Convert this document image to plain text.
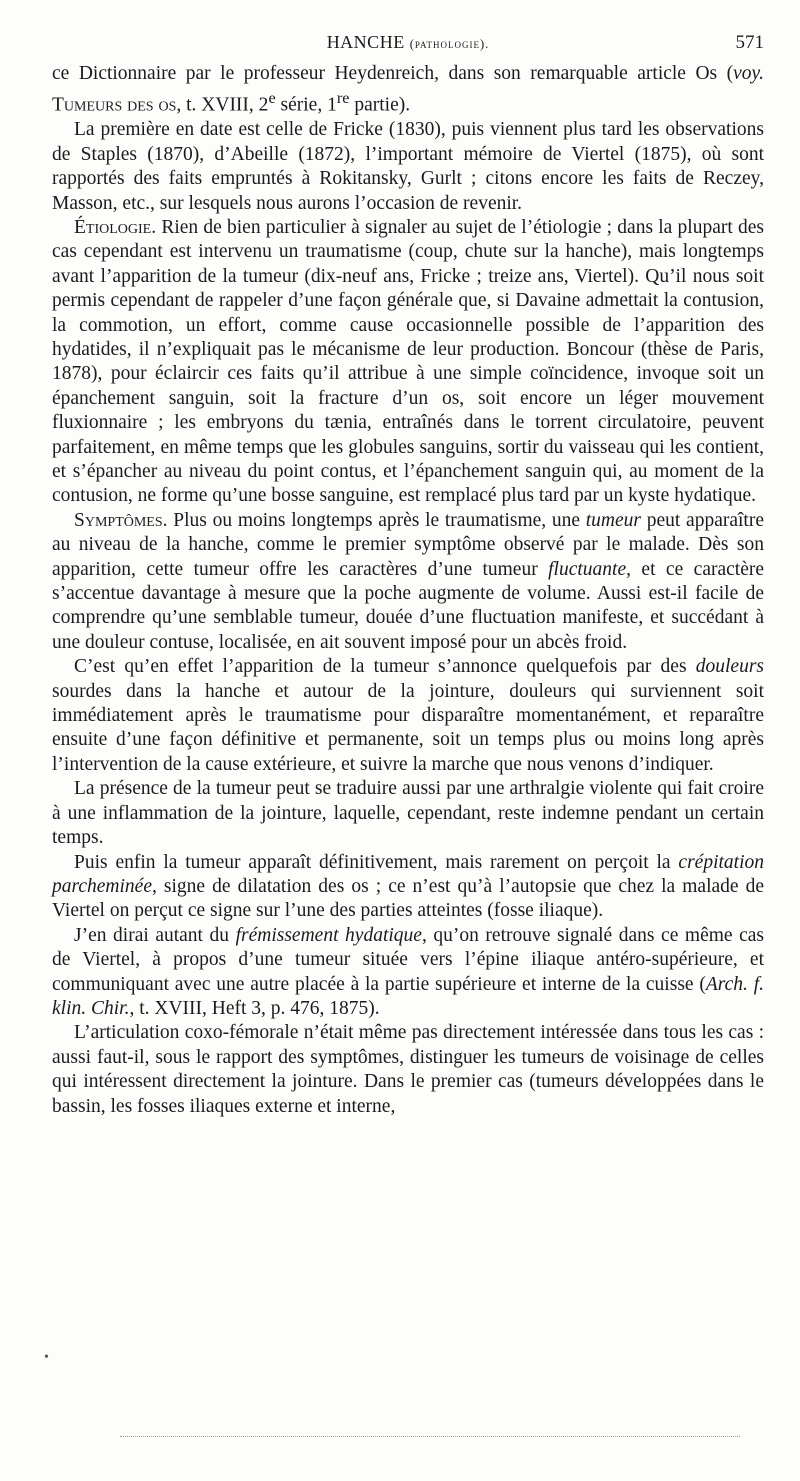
HANCHE (pathologie).	571

ce Dictionnaire par le professeur Heydenreich, dans son remarquable article Os (voy. Tumeurs des os, t. XVIII, 2e série, 1re partie).

La première en date est celle de Fricke (1830), puis viennent plus tard les observations de Staples (1870), d’Abeille (1872), l’important mémoire de Viertel (1875), où sont rapportés des faits empruntés à Rokitansky, Gurlt ; citons encore les faits de Reczey, Masson, etc., sur lesquels nous aurons l’occasion de revenir.

Étiologie. Rien de bien particulier à signaler au sujet de l’étiologie ; dans la plupart des cas cependant est intervenu un traumatisme (coup, chute sur la hanche), mais longtemps avant l’apparition de la tumeur (dix-neuf ans, Fricke ; treize ans, Viertel). Qu’il nous soit permis cependant de rappeler d’une façon générale que, si Davaine admettait la contusion, la commotion, un effort, comme cause occasionnelle possible de l’apparition des hydatides, il n’expliquait pas le mécanisme de leur production. Boncour (thèse de Paris, 1878), pour éclaircir ces faits qu’il attribue à une simple coïncidence, invoque soit un épanchement sanguin, soit la fracture d’un os, soit encore un léger mouvement fluxionnaire ; les embryons du tænia, entraînés dans le torrent circulatoire, peuvent parfaitement, en même temps que les globules sanguins, sortir du vaisseau qui les contient, et s’épancher au niveau du point contus, et l’épanchement sanguin qui, au moment de la contusion, ne forme qu’une bosse sanguine, est remplacé plus tard par un kyste hydatique.

Symptômes. Plus ou moins longtemps après le traumatisme, une tumeur peut apparaître au niveau de la hanche, comme le premier symptôme observé par le malade. Dès son apparition, cette tumeur offre les caractères d’une tumeur fluctuante, et ce caractère s’accentue davantage à mesure que la poche augmente de volume. Aussi est-il facile de comprendre qu’une semblable tumeur, douée d’une fluctuation manifeste, et succédant à une douleur contuse, localisée, en ait souvent imposé pour un abcès froid.

C’est qu’en effet l’apparition de la tumeur s’annonce quelquefois par des douleurs sourdes dans la hanche et autour de la jointure, douleurs qui surviennent soit immédiatement après le traumatisme pour disparaître momentanément, et reparaître ensuite d’une façon définitive et permanente, soit un temps plus ou moins long après l’intervention de la cause extérieure, et suivre la marche que nous venons d’indiquer.

La présence de la tumeur peut se traduire aussi par une arthralgie violente qui fait croire à une inflammation de la jointure, laquelle, cependant, reste indemne pendant un certain temps.

Puis enfin la tumeur apparaît définitivement, mais rarement on perçoit la crépitation parcheminée, signe de dilatation des os ; ce n’est qu’à l’autopsie que chez la malade de Viertel on perçut ce signe sur l’une des parties atteintes (fosse iliaque).

J’en dirai autant du frémissement hydatique, qu’on retrouve signalé dans ce même cas de Viertel, à propos d’une tumeur située vers l’épine iliaque antéro-supérieure, et communiquant avec une autre placée à la partie supérieure et interne de la cuisse (Arch. f. klin. Chir., t. XVIII, Heft 3, p. 476, 1875).

L’articulation coxo-fémorale n’était même pas directement intéressée dans tous les cas : aussi faut-il, sous le rapport des symptômes, distinguer les tumeurs de voisinage de celles qui intéressent directement la jointure. Dans le premier cas (tumeurs développées dans le bassin, les fosses iliaques externe et interne,

•
